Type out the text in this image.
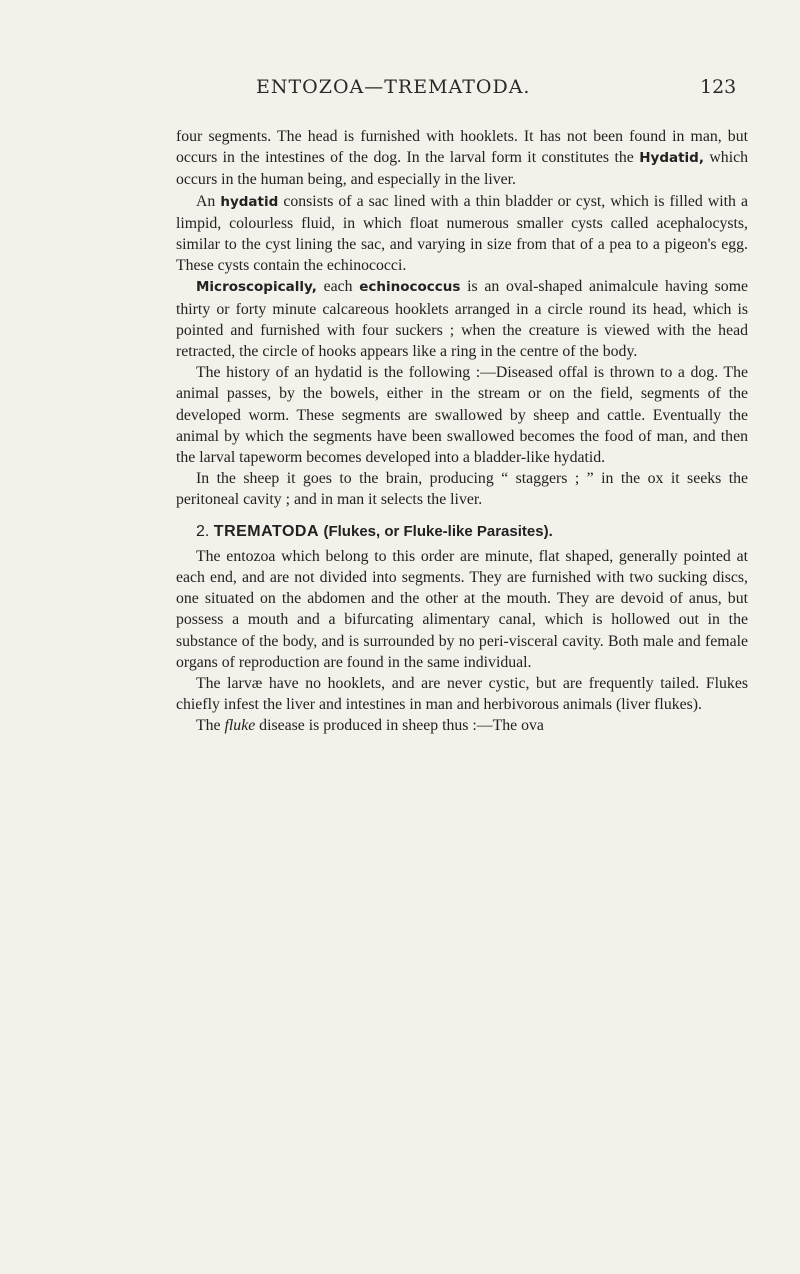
ENTOZOA—TREMATODA.	123

four segments. The head is furnished with hooklets. It has not been found in man, but occurs in the intestines of the dog. In the larval form it constitutes the Hydatid, which occurs in the human being, and especially in the liver.

An hydatid consists of a sac lined with a thin bladder or cyst, which is filled with a limpid, colourless fluid, in which float numerous smaller cysts called acephalocysts, similar to the cyst lining the sac, and varying in size from that of a pea to a pigeon's egg. These cysts contain the echinococci.

Microscopically, each echinococcus is an oval-shaped animalcule having some thirty or forty minute calcareous hooklets arranged in a circle round its head, which is pointed and furnished with four suckers ; when the creature is viewed with the head retracted, the circle of hooks appears like a ring in the centre of the body.

The history of an hydatid is the following :—Diseased offal is thrown to a dog. The animal passes, by the bowels, either in the stream or on the field, segments of the developed worm. These segments are swallowed by sheep and cattle. Eventually the animal by which the segments have been swallowed becomes the food of man, and then the larval tapeworm becomes developed into a bladder-like hydatid.

In the sheep it goes to the brain, producing “ staggers ; ” in the ox it seeks the peritoneal cavity ; and in man it selects the liver.

2. TREMATODA (Flukes, or Fluke-like Parasites).

The entozoa which belong to this order are minute, flat shaped, generally pointed at each end, and are not divided into segments. They are furnished with two sucking discs, one situated on the abdomen and the other at the mouth. They are devoid of anus, but possess a mouth and a bifurcating alimentary canal, which is hollowed out in the substance of the body, and is surrounded by no peri-visceral cavity. Both male and female organs of reproduction are found in the same individual.

The larvæ have no hooklets, and are never cystic, but are frequently tailed. Flukes chiefly infest the liver and intestines in man and herbivorous animals (liver flukes).

The fluke disease is produced in sheep thus :—The ova
